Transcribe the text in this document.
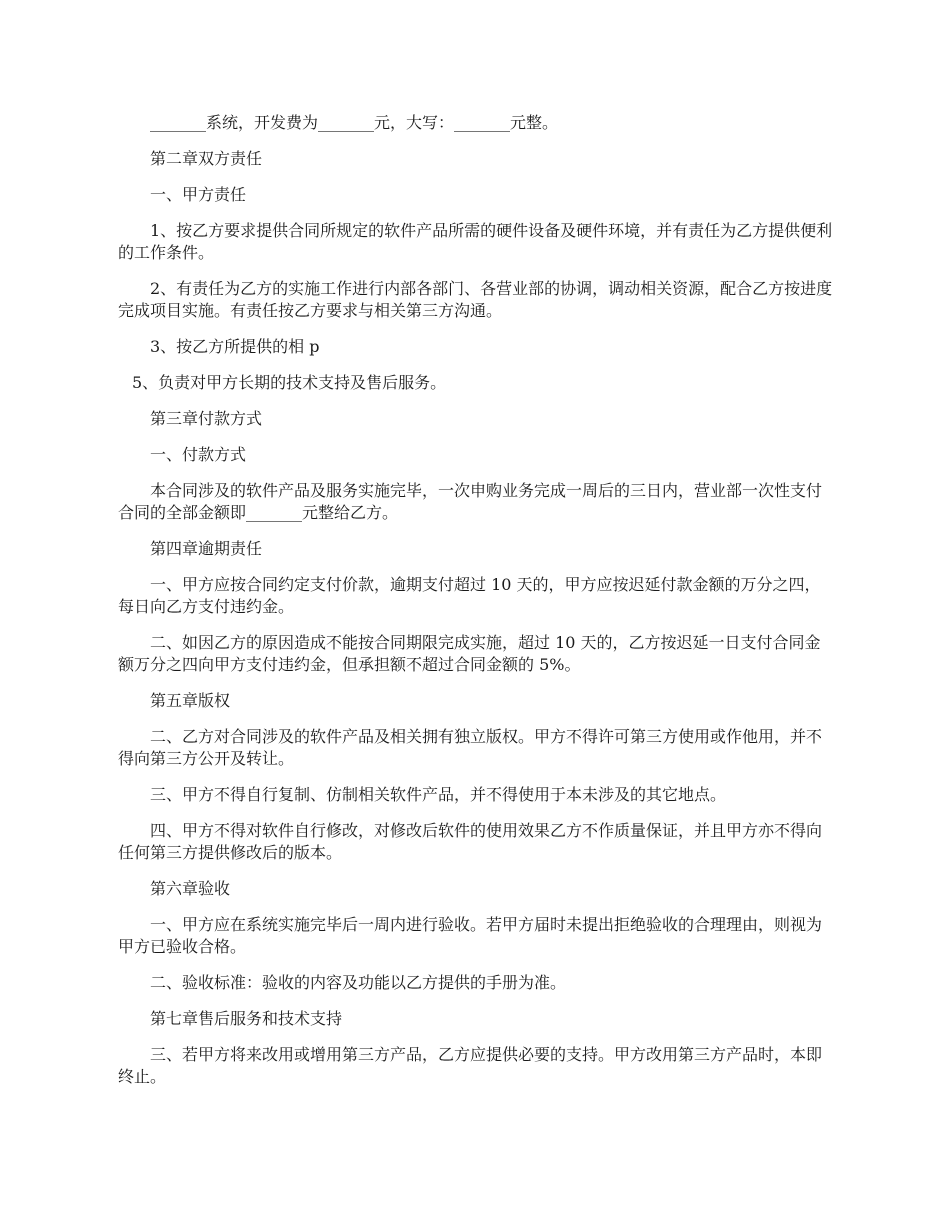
_______系统，开发费为_______元，大写：_______元整。

第二章双方责任

一、甲方责任

1、按乙方要求提供合同所规定的软件产品所需的硬件设备及硬件环境，并有责任为乙方提供便利的工作条件。

2、有责任为乙方的实施工作进行内部各部门、各营业部的协调，调动相关资源，配合乙方按进度完成项目实施。有责任按乙方要求与相关第三方沟通。

3、按乙方所提供的相 p

5、负责对甲方长期的技术支持及售后服务。

第三章付款方式

一、付款方式

本合同涉及的软件产品及服务实施完毕，一次申购业务完成一周后的三日内，营业部一次性支付合同的全部金额即_______元整给乙方。

第四章逾期责任

一、甲方应按合同约定支付价款，逾期支付超过 10 天的，甲方应按迟延付款金额的万分之四，每日向乙方支付违约金。

二、如因乙方的原因造成不能按合同期限完成实施，超过 10 天的，乙方按迟延一日支付合同金额万分之四向甲方支付违约金，但承担额不超过合同金额的 5%。

第五章版权

二、乙方对合同涉及的软件产品及相关拥有独立版权。甲方不得许可第三方使用或作他用，并不得向第三方公开及转让。

三、甲方不得自行复制、仿制相关软件产品，并不得使用于本未涉及的其它地点。

四、甲方不得对软件自行修改，对修改后软件的使用效果乙方不作质量保证，并且甲方亦不得向任何第三方提供修改后的版本。

第六章验收

一、甲方应在系统实施完毕后一周内进行验收。若甲方届时未提出拒绝验收的合理理由，则视为甲方已验收合格。

二、验收标准：验收的内容及功能以乙方提供的手册为准。

第七章售后服务和技术支持

三、若甲方将来改用或增用第三方产品，乙方应提供必要的支持。甲方改用第三方产品时，本即终止。
